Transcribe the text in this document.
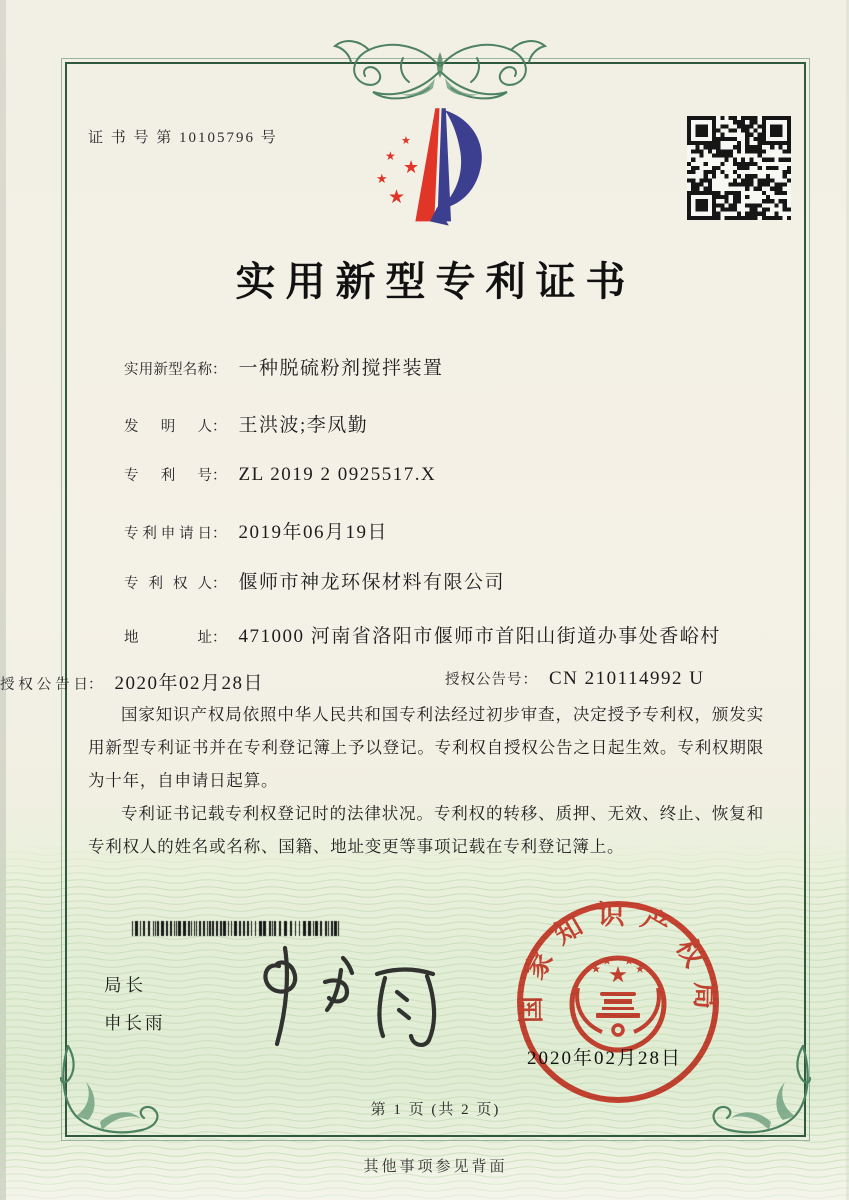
证 书 号 第 10105796 号	★
★
★
★
★
实用新型专利证书
实用新型名称 ： 一种脱硫粉剂搅拌装置
发明人 ： 王洪波;李凤勤
专利号 ： ZL 2019 2 0925517.X
专利申请日 ： 2019年06月19日
专利权人 ： 偃师市神龙环保材料有限公司
地址 ： 471000 河南省洛阳市偃师市首阳山街道办事处香峪村
授权公告日 ： 2020年02月28日	授权公告号 ： CN 210114992 U

国家知识产权局依照中华人民共和国专利法经过初步审查，决定授予专利权，颁发实用新型专利证书并在专利登记簿上予以登记。专利权自授权公告之日起生效。专利权期限为十年，自申请日起算。

专利证书记载专利权登记时的法律状况。专利权的转移、质押、无效、终止、恢复和专利权人的姓名或名称、国籍、地址变更等事项记载在专利登记簿上。

局长
申长雨	国家知识产权局
2020年02月28日
第 1 页 (共 2 页)
其他事项参见背面
